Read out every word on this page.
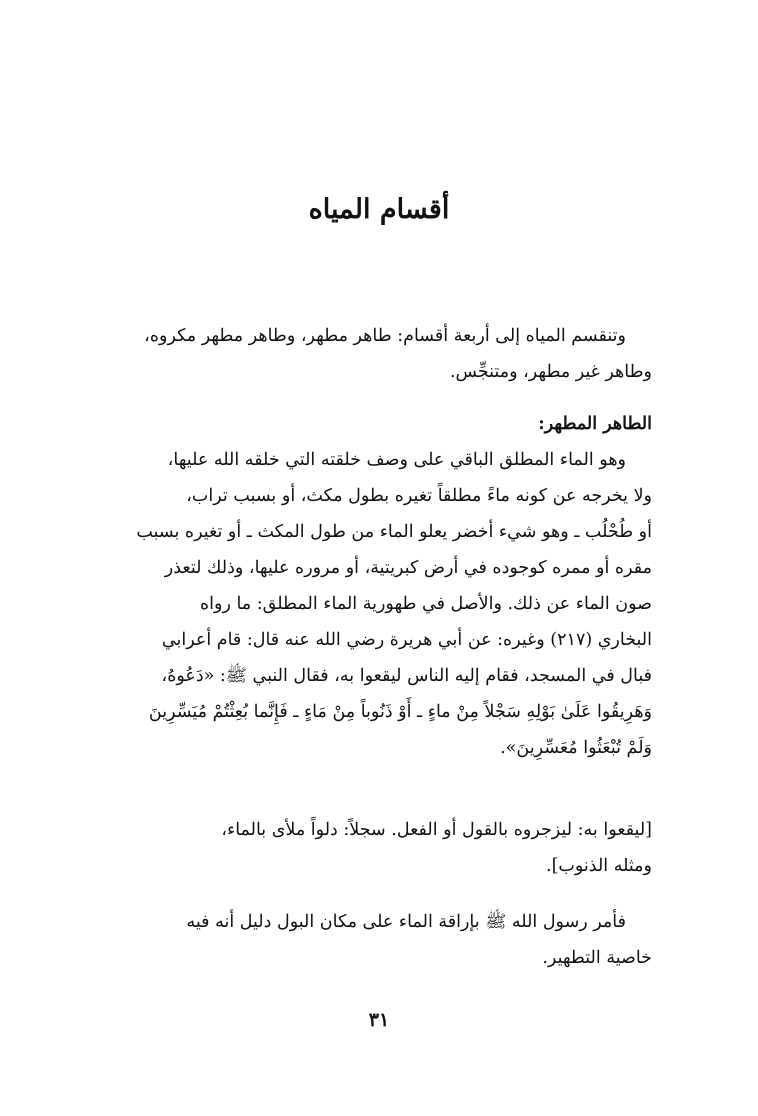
أقسام المياه
وتنقسم المياه إلى أربعة أقسام: طاهر مطهر، وطاهر مطهر مكروه،
وطاهر غير مطهر، ومتنجِّس.
الطاهر المطهر:
وهو الماء المطلق الباقي على وصف خلقته التي خلقه الله عليها،
ولا يخرجه عن كونه ماءً مطلقاً تغيره بطول مكث، أو بسبب تراب،
أو طُحْلُب ـ وهو شيء أخضر يعلو الماء من طول المكث ـ أو تغيره بسبب
مقره أو ممره كوجوده في أرض كبريتية، أو مروره عليها، وذلك لتعذر
صون الماء عن ذلك. والأصل في طهورية الماء المطلق: ما رواه
البخاري (٢١٧) وغيره: عن أبي هريرة رضي الله عنه قال: قام أعرابي
فبال في المسجد، فقام إليه الناس ليقعوا به، فقال النبي ﷺ: «دَعُوهُ،
وَهَرِيقُوا عَلَىٰ بَوْلِهِ سَجْلاً مِنْ ماءٍ ـ أَوْ ذَنُوباً مِنْ مَاءٍ ـ فَإِنَّما بُعِثْتُمْ مُيَسِّرِينَ
وَلَمْ تُبْعَثُوا مُعَسِّرِينَ».
[ليقعوا به: ليزجروه بالقول أو الفعل. سجلاً: دلواً ملأى بالماء،
ومثله الذنوب].
فأمر رسول الله ﷺ بإراقة الماء على مكان البول دليل أنه فيه
خاصية التطهير.
٣١
